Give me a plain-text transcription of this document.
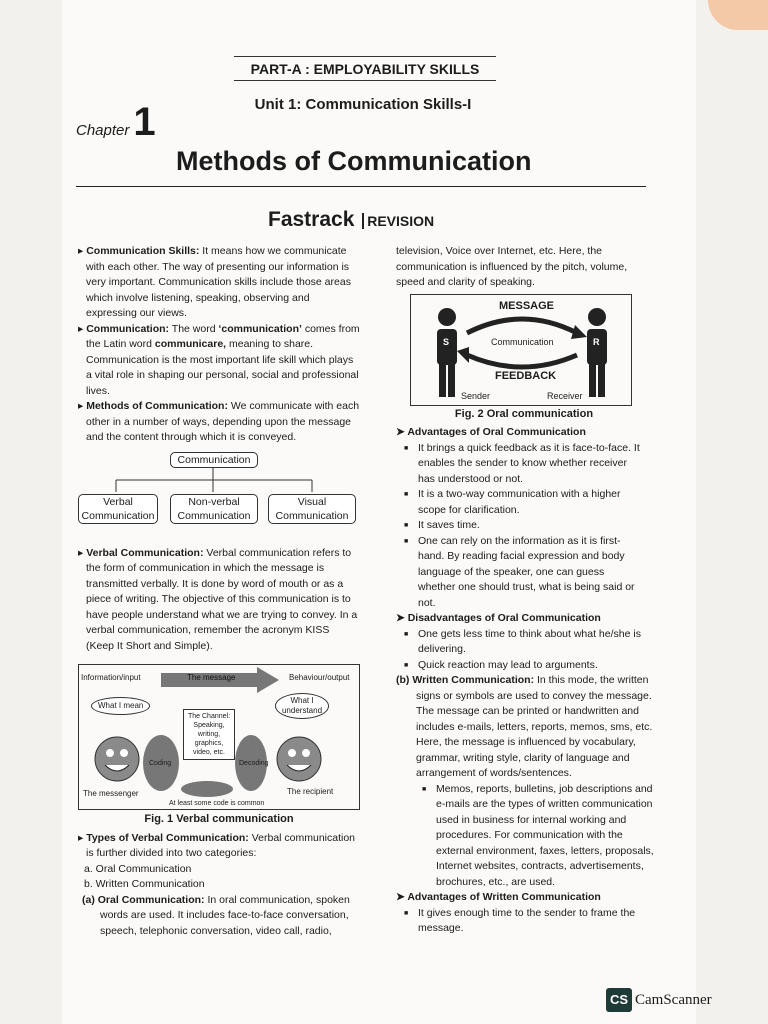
PART-A : EMPLOYABILITY SKILLS
Unit 1: Communication Skills-I
Chapter 1
Methods of Communication
Fastrack REVISION

▸ Communication Skills: It means how we communicate with each other. The way of presenting our information is very important. Communication skills include those areas which involve listening, speaking, observing and expressing our views.

▸ Communication: The word ‘communication’ comes from the Latin word communicare, meaning to share. Communication is the most important life skill which plays a vital role in shaping our personal, social and professional lives.

▸ Methods of Communication: We communicate with each other in a number of ways, depending upon the message and the content through which it is conveyed.

Communication
Verbal
Communication
Non-verbal
Communication
Visual
Communication

▸ Verbal Communication: Verbal communication refers to the form of communication in which the message is transmitted verbally. It is done by word of mouth or as a piece of writing. The objective of this communication is to have people understand what we are trying to convey. In a verbal communication, remember the acronym KISS (Keep It Short and Simple).

Information/input	The message	Behaviour/output
What I mean
What I understand
Coding	Decoding
The Channel:
Speaking, writing, graphics, video, etc.
The messenger	The recipient
At least some code is common
Fig. 1 Verbal communication

▸ Types of Verbal Communication: Verbal communication is further divided into two categories:

a. Oral Communication

b. Written Communication

(a) Oral Communication: In oral communication, spoken words are used. It includes face-to-face conversation, speech, telephonic conversation, video call, radio,

television, Voice over Internet, etc. Here, the communication is influenced by the pitch, volume, speed and clarity of speaking.

MESSAGE
Communication
FEEDBACK
S	R
Sender	Receiver
Fig. 2 Oral communication

➤ Advantages of Oral Communication

■ It brings a quick feedback as it is face-to-face. It enables the sender to know whether receiver has understood or not.
■ It is a two-way communication with a higher scope for clarification.
■ It saves time.
■ One can rely on the information as it is first-hand. By reading facial expression and body language of the speaker, one can guess whether one should trust, what is being said or not.

➤ Disadvantages of Oral Communication

■ One gets less time to think about what he/she is delivering.
■ Quick reaction may lead to arguments.

(b) Written Communication: In this mode, the written signs or symbols are used to convey the message. The message can be printed or handwritten and includes e-mails, letters, reports, memos, sms, etc. Here, the message is influenced by vocabulary, grammar, writing style, clarity of language and arrangement of words/sentences.

■ Memos, reports, bulletins, job descriptions and e-mails are the types of written communication used in business for internal working and procedures. For communication with the external environment, faxes, letters, proposals, Internet websites, contracts, advertisements, brochures, etc., are used.

➤ Advantages of Written Communication

■ It gives enough time to the sender to frame the message.
CS CamScanner
